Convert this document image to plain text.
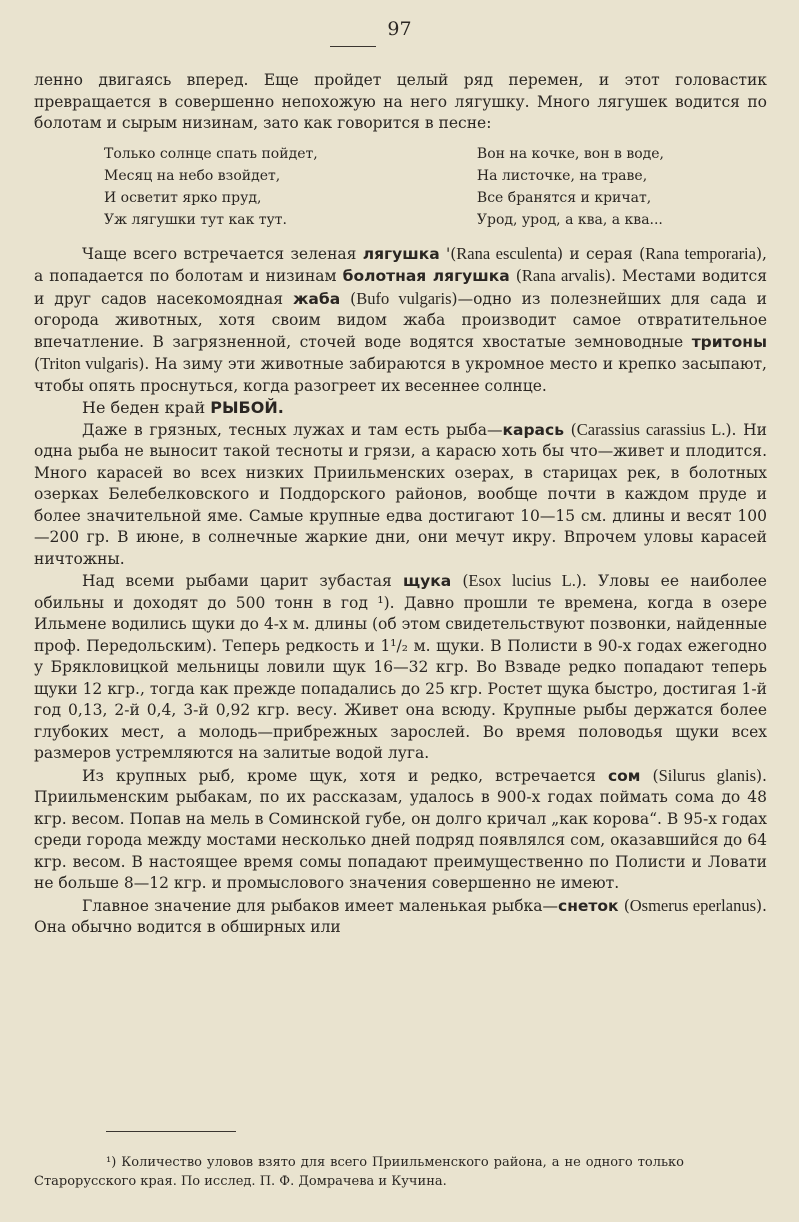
97

ленно двигаясь вперед. Еще пройдет целый ряд перемен, и этот головастик превращается в совершенно непохожую на него лягушку. Много лягушек водится по болотам и сырым низинам, зато как говорится в песне:

Только солнце спать пойдет,
Месяц на небо взойдет,
И осветит ярко пруд,
Уж лягушки тут как тут.
Вон на кочке, вон в воде,
На листочке, на траве,
Все бранятся и кричат,
Урод, урод, а ква, а ква...

Чаще всего встречается зеленая лягушка '(Rana esculenta) и серая (Rana temporaria), а попадается по болотам и низинам болотная лягушка (Rana arvalis). Местами водится и друг садов насекомоядная жаба (Bufo vulgaris)—одно из полезнейших для сада и огорода животных, хотя своим видом жаба производит самое отвратительное впечатление. В загрязненной, сточей воде водятся хвостатые земноводные тритоны (Triton vulgaris). На зиму эти животные забираются в укромное место и крепко засыпают, чтобы опять проснуться, когда разогреет их весеннее солнце.

Не беден край РЫБОЙ.

Даже в грязных, тесных лужах и там есть рыба—карась (Carassius carassius L.). Ни одна рыба не выносит такой тесноты и грязи, а карасю хоть бы что—живет и плодится. Много карасей во всех низких Приильменских озерах, в старицах рек, в болотных озерках Белебелковского и Поддорского районов, вообще почти в каждом пруде и более значительной яме. Самые крупные едва достигают 10—15 см. длины и весят 100—200 гр. В июне, в солнечные жаркие дни, они мечут икру. Впрочем уловы карасей ничтожны.

Над всеми рыбами царит зубастая щука (Esox lucius L.). Уловы ее наиболее обильны и доходят до 500 тонн в год ¹). Давно прошли те времена, когда в озере Ильмене водились щуки до 4-х м. длины (об этом свидетельствуют позвонки, найденные проф. Передольским). Теперь редкость и 1¹/₂ м. щуки. В Полисти в 90-х годах ежегодно у Брякловицкой мельницы ловили щук 16—32 кгр. Во Взваде редко попадают теперь щуки 12 кгр., тогда как прежде попадались до 25 кгр. Ростет щука быстро, достигая 1-й год 0,13, 2-й 0,4, 3-й 0,92 кгр. весу. Живет она всюду. Крупные рыбы держатся более глубоких мест, а молодь—прибрежных зарослей. Во время половодья щуки всех размеров устремляются на залитые водой луга.

Из крупных рыб, кроме щук, хотя и редко, встречается сом (Silurus glanis). Приильменским рыбакам, по их рассказам, удалось в 900-х годах поймать сома до 48 кгр. весом. Попав на мель в Соминской губе, он долго кричал „как корова“. В 95-х годах среди города между мостами несколько дней подряд появлялся сом, оказавшийся до 64 кгр. весом. В настоящее время сомы попадают преимущественно по Полисти и Ловати не больше 8—12 кгр. и промыслового значения совершенно не имеют.

Главное значение для рыбаков имеет маленькая рыбка—снеток (Osmerus eperlanus). Она обычно водится в обширных или

¹) Количество уловов взято для всего Приильменского района, а не одного только Старорусского края. По исслед. П. Ф. Домрачева и Кучина.
